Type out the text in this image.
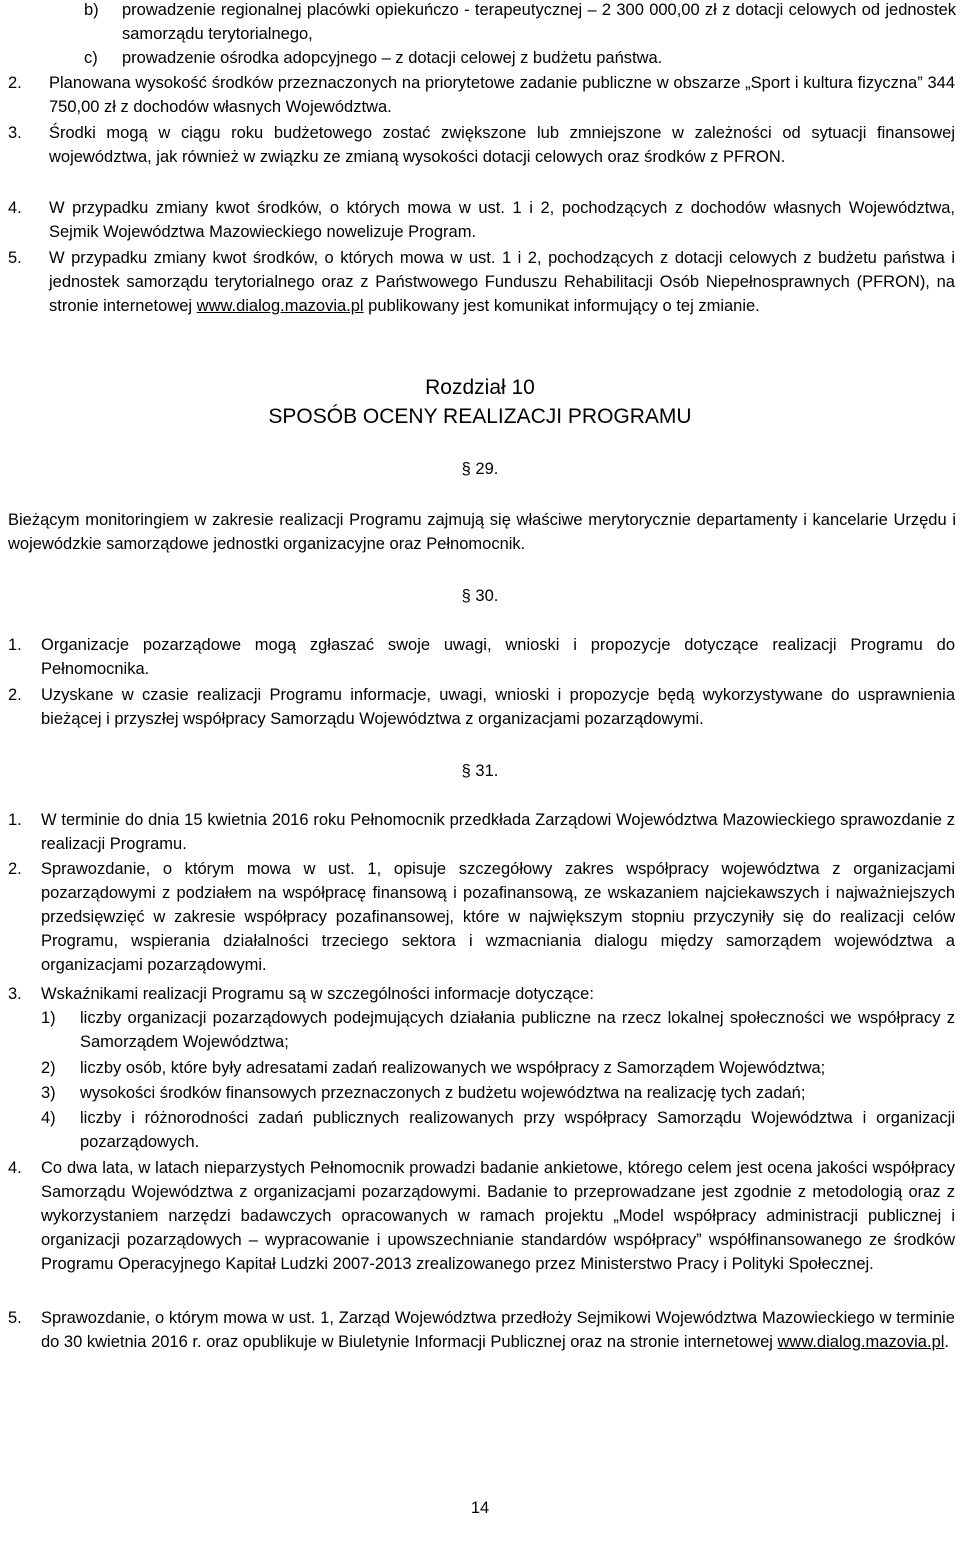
b) prowadzenie regionalnej placówki opiekuńczo - terapeutycznej – 2 300 000,00 zł z dotacji celowych od jednostek samorządu terytorialnego,
c) prowadzenie ośrodka adopcyjnego – z dotacji celowej z budżetu państwa.
2. Planowana wysokość środków przeznaczonych na priorytetowe zadanie publiczne w obszarze „Sport i kultura fizyczna” 344 750,00 zł z dochodów własnych Województwa.
3. Środki mogą w ciągu roku budżetowego zostać zwiększone lub zmniejszone w zależności od sytuacji finansowej województwa, jak również w związku ze zmianą wysokości dotacji celowych oraz środków z PFRON.
4. W przypadku zmiany kwot środków, o których mowa w ust. 1 i 2, pochodzących z dochodów własnych Województwa, Sejmik Województwa Mazowieckiego nowelizuje Program.
5. W przypadku zmiany kwot środków, o których mowa w ust. 1 i 2, pochodzących z dotacji celowych z budżetu państwa i jednostek samorządu terytorialnego oraz z Państwowego Funduszu Rehabilitacji Osób Niepełnosprawnych (PFRON), na stronie internetowej www.dialog.mazovia.pl publikowany jest komunikat informujący o tej zmianie.
Rozdział 10
SPOSÓB OCENY REALIZACJI PROGRAMU
§ 29.
Bieżącym monitoringiem w zakresie realizacji Programu zajmują się właściwe merytorycznie departamenty i kancelarie Urzędu i wojewódzkie samorządowe jednostki organizacyjne oraz Pełnomocnik.
§ 30.
1. Organizacje pozarządowe mogą zgłaszać swoje uwagi, wnioski i propozycje dotyczące realizacji Programu do Pełnomocnika.
2. Uzyskane w czasie realizacji Programu informacje, uwagi, wnioski i propozycje będą wykorzystywane do usprawnienia bieżącej i przyszłej współpracy Samorządu Województwa z organizacjami pozarządowymi.
§ 31.
1. W terminie do dnia 15 kwietnia 2016 roku Pełnomocnik przedkłada Zarządowi Województwa Mazowieckiego sprawozdanie z realizacji Programu.
2. Sprawozdanie, o którym mowa w ust. 1, opisuje szczegółowy zakres współpracy województwa z organizacjami pozarządowymi z podziałem na współpracę finansową i pozafinansową, ze wskazaniem najciekawszych i najważniejszych przedsięwzięć w zakresie współpracy pozafinansowej, które w największym stopniu przyczyniły się do realizacji celów Programu, wspierania działalności trzeciego sektora i wzmacniania dialogu między samorządem województwa a organizacjami pozarządowymi.
3. Wskaźnikami realizacji Programu są w szczególności informacje dotyczące:
1) liczby organizacji pozarządowych podejmujących działania publiczne na rzecz lokalnej społeczności we współpracy z Samorządem Województwa;
2) liczby osób, które były adresatami zadań realizowanych we współpracy z Samorządem Województwa;
3) wysokości środków finansowych przeznaczonych z budżetu województwa na realizację tych zadań;
4) liczby i różnorodności zadań publicznych realizowanych przy współpracy Samorządu Województwa i organizacji pozarządowych.
4. Co dwa lata, w latach nieparzystych Pełnomocnik prowadzi badanie ankietowe, którego celem jest ocena jakości współpracy Samorządu Województwa z organizacjami pozarządowymi. Badanie to przeprowadzane jest zgodnie z metodologią oraz z wykorzystaniem narzędzi badawczych opracowanych w ramach projektu „Model współpracy administracji publicznej i organizacji pozarządowych – wypracowanie i upowszechnianie standardów współpracy” współfinansowanego ze środków Programu Operacyjnego Kapitał Ludzki 2007-2013 zrealizowanego przez Ministerstwo Pracy i Polityki Społecznej.
5. Sprawozdanie, o którym mowa w ust. 1, Zarząd Województwa przedłoży Sejmikowi Województwa Mazowieckiego w terminie do 30 kwietnia 2016 r. oraz opublikuje w Biuletynie Informacji Publicznej oraz na stronie internetowej www.dialog.mazovia.pl.
14
